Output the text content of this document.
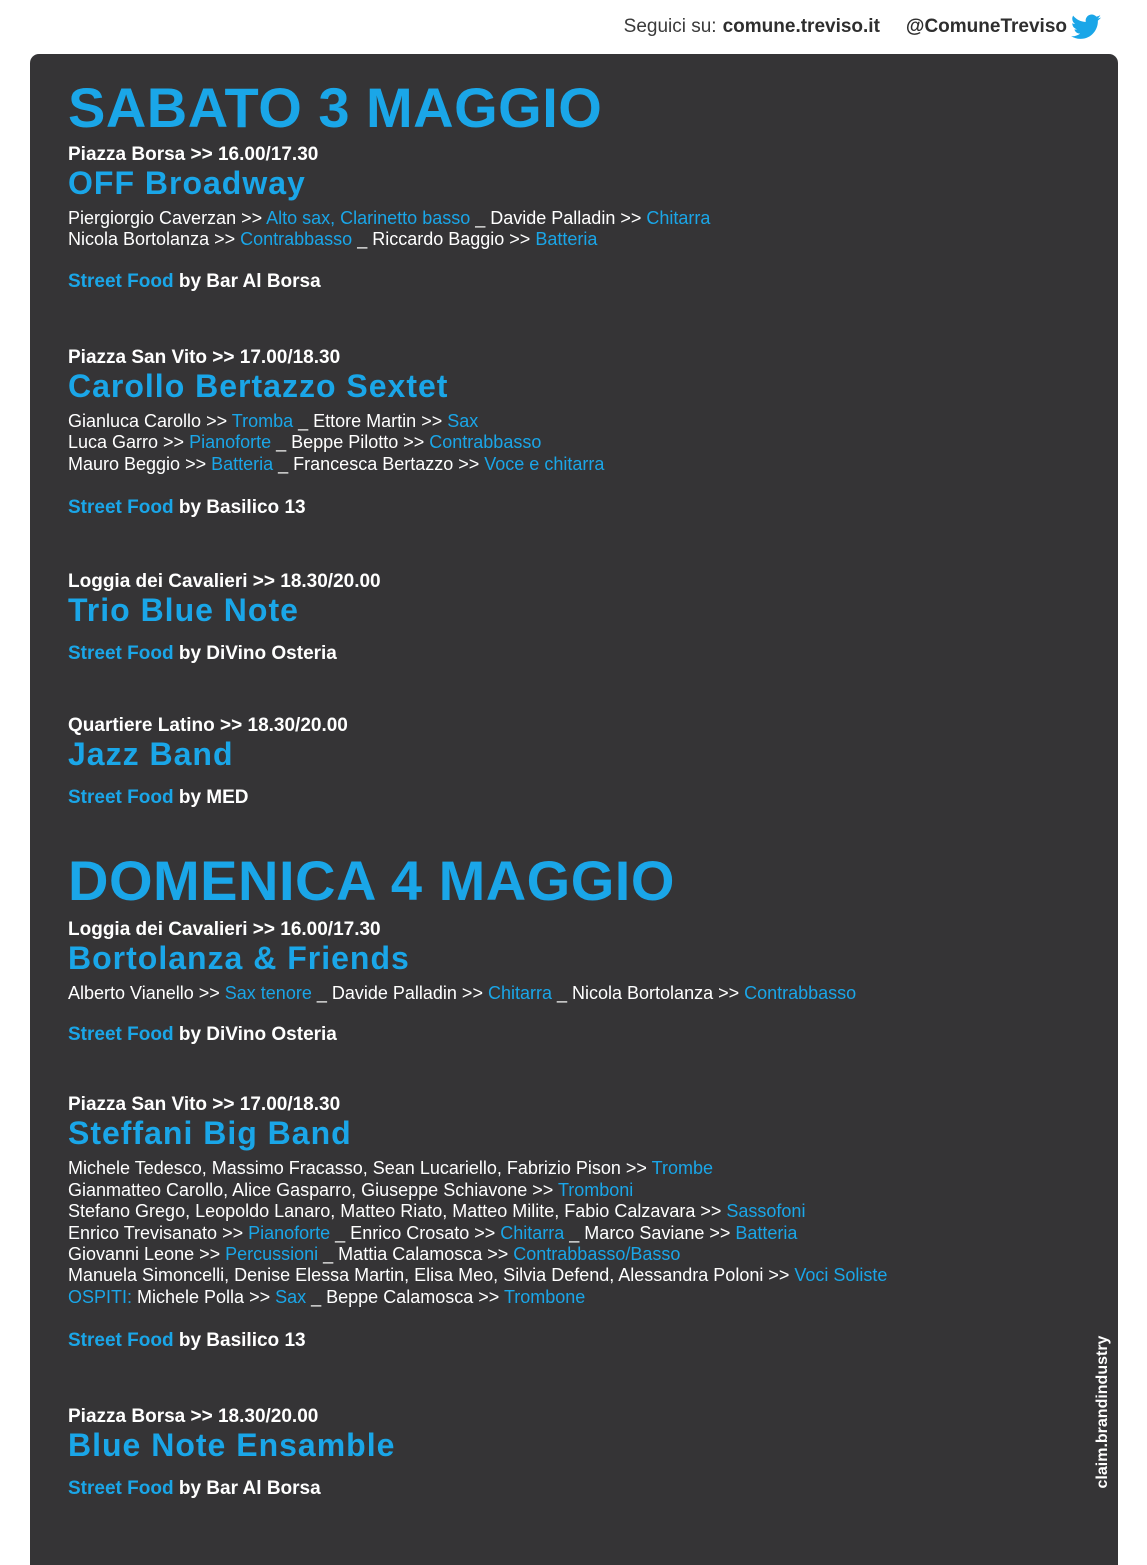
Seguici su: comune.treviso.it @ComuneTreviso
SABATO 3 MAGGIO
Piazza Borsa >> 16.00/17.30
OFF Broadway
Piergiorgio Caverzan >> Alto sax, Clarinetto basso _ Davide Palladin >> Chitarra
Nicola Bortolanza >> Contrabbasso _ Riccardo Baggio >> Batteria
Street Food by Bar Al Borsa
Piazza San Vito >> 17.00/18.30
Carollo Bertazzo Sextet
Gianluca Carollo >> Tromba _ Ettore Martin >> Sax
Luca Garro >> Pianoforte _ Beppe Pilotto >> Contrabbasso
Mauro Beggio >> Batteria _ Francesca Bertazzo >> Voce e chitarra
Street Food by Basilico 13
Loggia dei Cavalieri >> 18.30/20.00
Trio Blue Note
Street Food by DiVino Osteria
Quartiere Latino >> 18.30/20.00
Jazz Band
Street Food by MED
DOMENICA 4 MAGGIO
Loggia dei Cavalieri >> 16.00/17.30
Bortolanza & Friends
Alberto Vianello >> Sax tenore _ Davide Palladin >> Chitarra _ Nicola Bortolanza >> Contrabbasso
Street Food by DiVino Osteria
Piazza San Vito >> 17.00/18.30
Steffani Big Band
Michele Tedesco, Massimo Fracasso, Sean Lucariello, Fabrizio Pison >> Trombe
Gianmatteo Carollo, Alice Gasparro, Giuseppe Schiavone >> Tromboni
Stefano Grego, Leopoldo Lanaro, Matteo Riato, Matteo Milite, Fabio Calzavara >> Sassofoni
Enrico Trevisanato >> Pianoforte _ Enrico Crosato >> Chitarra _ Marco Saviane >> Batteria
Giovanni Leone >> Percussioni _ Mattia Calamosca >> Contrabbasso/Basso
Manuela Simoncelli, Denise Elessa Martin, Elisa Meo, Silvia Defend, Alessandra Poloni >> Voci Soliste
OSPITI: Michele Polla >> Sax _ Beppe Calamosca >> Trombone
Street Food by Basilico 13
Piazza Borsa >> 18.30/20.00
Blue Note Ensamble
Street Food by Bar Al Borsa
claim.brandindustry
